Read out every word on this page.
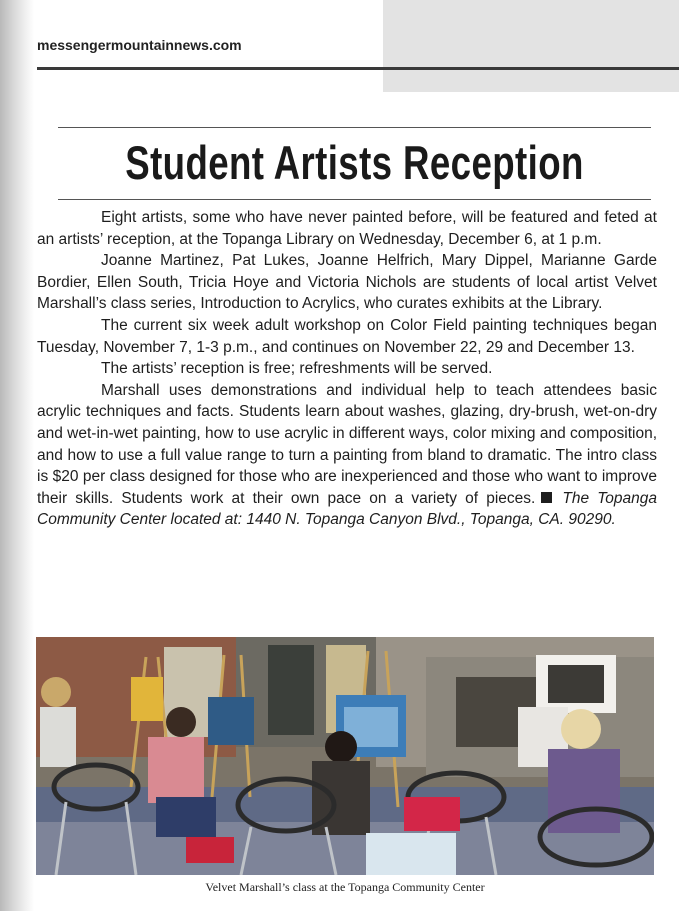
messengermountainnews.com
Student Artists Reception

Eight artists, some who have never painted before, will be featured and feted at an artists’ reception, at the Topanga Library on Wednesday, December 6, at 1 p.m.

Joanne Martinez, Pat Lukes, Joanne Helfrich, Mary Dippel, Marianne Garde Bordier, Ellen South, Tricia Hoye and Victoria Nichols are students of local artist Velvet Marshall’s class series, Introduction to Acrylics, who curates exhibits at the Library.

The current six week adult workshop on Color Field painting techniques began Tuesday, November 7, 1-3 p.m., and continues on November 22, 29 and December 13.

The artists’ reception is free; refreshments will be served.

Marshall uses demonstrations and individual help to teach attendees basic acrylic techniques and facts. Students learn about washes, glazing, dry-brush, wet-on-dry and wet-in-wet painting, how to use acrylic in different ways, color mixing and composition, and how to use a full value range to turn a painting from bland to dramatic. The intro class is $20 per class designed for those who are inexperienced and those who want to improve their skills. Students work at their own pace on a variety of pieces. The Topanga Community Center located at: 1440 N. Topanga Canyon Blvd., Topanga, CA. 90290.

Velvet Marshall’s class at the Topanga Community Center
